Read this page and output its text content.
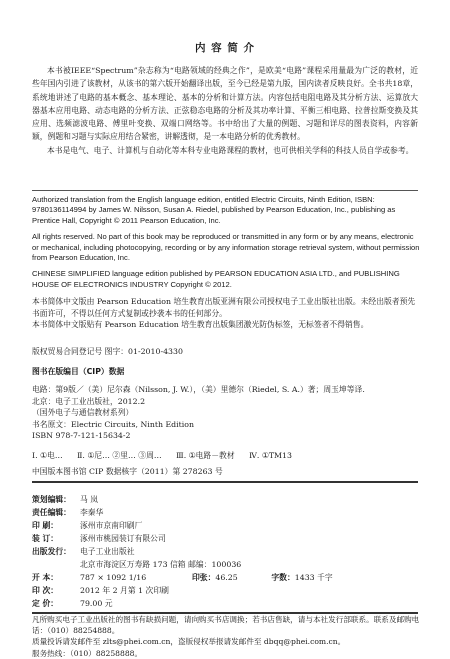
内 容 简 介

本书被IEEE“Spectrum”杂志称为“电路领域的经典之作”，是欧美“电路”课程采用量最为广泛的教材，近些年国内引进了该教材，从该书的第六版开始翻译出版，至今已经是第九版，国内读者反映良好。全书共18章，系统地讲述了电路的基本概念、基本理论、基本的分析和计算方法。内容包括电阻电路及其分析方法、运算放大器基本应用电路、动态电路的分析方法、正弦稳态电路的分析及其功率计算、平衡三相电路、拉普拉斯变换及其应用、选频滤波电路、傅里叶变换、双端口网络等。书中给出了大量的例题、习题和详尽的图表资料，内容新颖，例题和习题与实际应用结合紧密，讲解透彻，是一本电路分析的优秀教材。

本书是电气、电子、计算机与自动化等本科专业电路课程的教材，也可供相关学科的科技人员自学或参考。

Authorized translation from the English language edition, entitled Electric Circuits, Ninth Edition, ISBN: 9780136114994 by James W. Nilsson, Susan A. Riedel, published by Pearson Education, Inc., publishing as Prentice Hall, Copyright © 2011 Pearson Education, Inc.

All rights reserved. No part of this book may be reproduced or transmitted in any form or by any means, electronic or mechanical, including photocopying, recording or by any information storage retrieval system, without permission from Pearson Education, Inc.

CHINESE SIMPLIFIED language edition published by PEARSON EDUCATION ASIA LTD., and PUBLISHING HOUSE OF ELECTRONICS INDUSTRY Copyright © 2012.

本书简体中文版由 Pearson Education 培生教育出版亚洲有限公司授权电子工业出版社出版。未经出版者预先书面许可，不得以任何方式复制或抄袭本书的任何部分。

本书简体中文版贴有 Pearson Education 培生教育出版集团激光防伪标签，无标签者不得销售。

版权贸易合同登记号 图字：01-2010-4330
图书在版编目（CIP）数据

电路：第9版／（美）尼尔森（Nilsson, J. W.），（美）里德尔（Riedel, S. A.）著；周玉坤等译.

北京：电子工业出版社，2012.2

（国外电子与通信教材系列）

书名原文：Electric Circuits, Ninth Edition

ISBN 978-7-121-15634-2

Ⅰ. ①电… Ⅱ. ①尼… ②里… ③周… Ⅲ. ①电路－教材 Ⅳ. ①TM13
中国版本图书馆 CIP 数据核字（2011）第 278263 号
策划编辑： 马 岚
责任编辑： 李秦华
印 刷：	涿州市京南印刷厂
装 订：	涿州市桃园装订有限公司
出版发行： 电子工业出版社
北京市海淀区万寿路 173 信箱 邮编：100036
开 本：	787 × 1092 1/16	印张：46.25	字数：1433 千字
印 次：	2012 年 2 月第 1 次印刷
定 价：	79.00 元

凡所购买电子工业出版社的图书有缺损问题，请向购买书店调换；若书店售缺，请与本社发行部联系。联系及邮购电话：（010）88254888。

质量投诉请发邮件至 zlts@phei.com.cn，盗版侵权举报请发邮件至 dbqq@phei.com.cn。

服务热线：（010）88258888。
